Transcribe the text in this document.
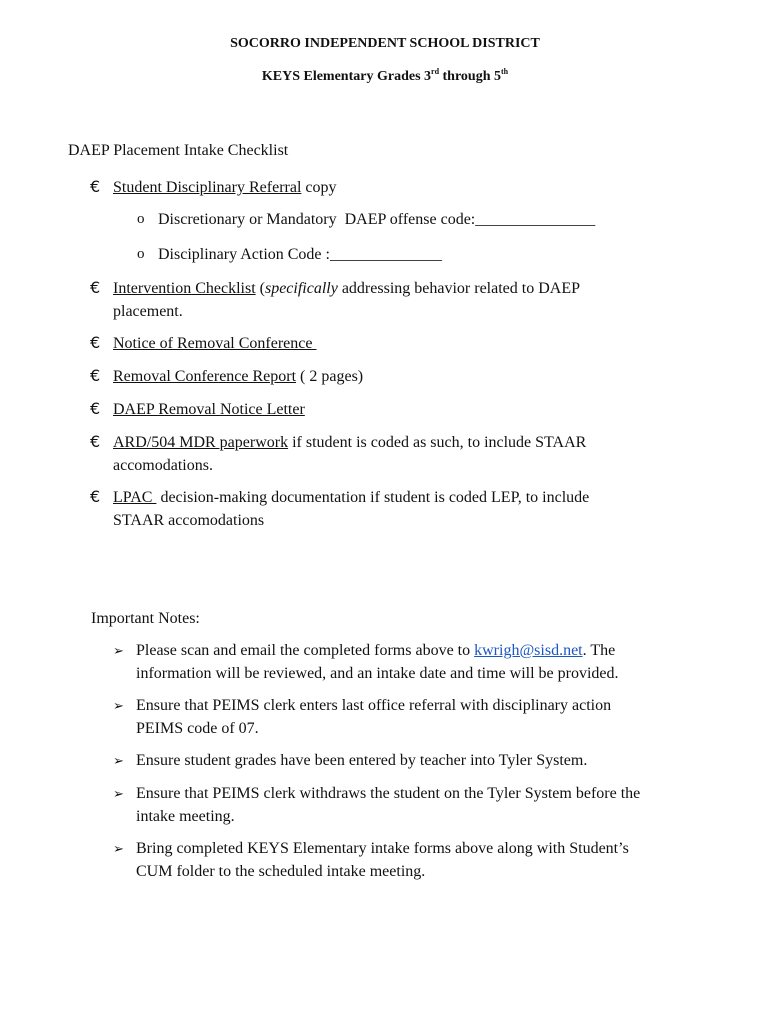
SOCORRO INDEPENDENT SCHOOL DISTRICT
KEYS Elementary Grades 3rd through 5th
DAEP Placement Intake Checklist
€ Student Disciplinary Referral copy
o Discretionary or Mandatory  DAEP offense code:_______________
o Disciplinary Action Code :______________
€ Intervention Checklist (specifically addressing behavior related to DAEP
placement.
€ Notice of Removal Conference
€ Removal Conference Report ( 2 pages)
€ DAEP Removal Notice Letter
€ ARD/504 MDR paperwork if student is coded as such, to include STAAR
accomodations.
€ LPAC  decision-making documentation if student is coded LEP, to include
STAAR accomodations
Important Notes:
➢ Please scan and email the completed forms above to kwrigh@sisd.net. The
information will be reviewed, and an intake date and time will be provided.
➢ Ensure that PEIMS clerk enters last office referral with disciplinary action
PEIMS code of 07.
➢ Ensure student grades have been entered by teacher into Tyler System.
➢ Ensure that PEIMS clerk withdraws the student on the Tyler System before the
intake meeting.
➢ Bring completed KEYS Elementary intake forms above along with Student’s
CUM folder to the scheduled intake meeting.
